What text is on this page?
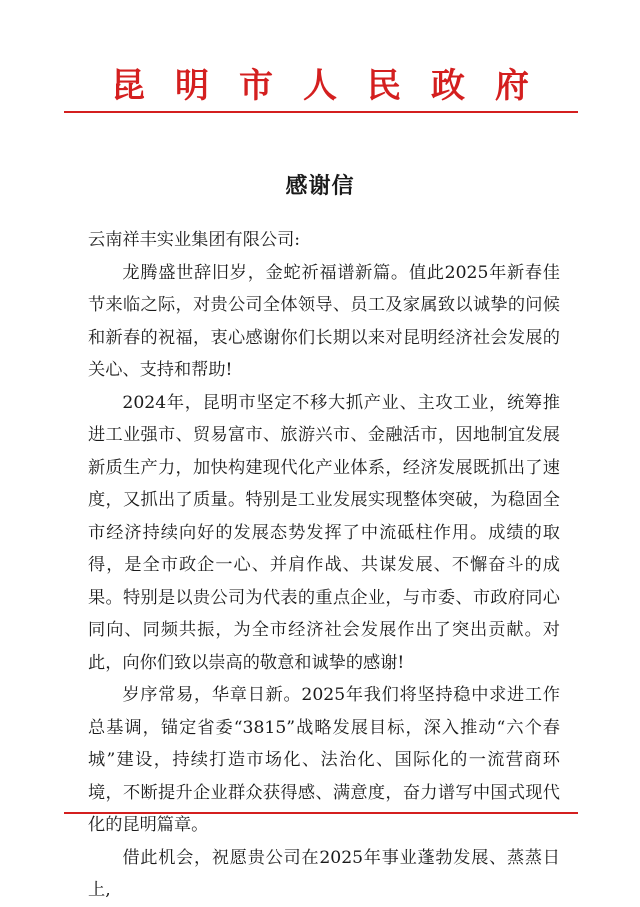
昆明市人民政府
感谢信

云南祥丰实业集团有限公司:

龙腾盛世辞旧岁，金蛇祈福谱新篇。值此2025年新春佳节来临之际，对贵公司全体领导、员工及家属致以诚挚的问候和新春的祝福，衷心感谢你们长期以来对昆明经济社会发展的关心、支持和帮助!

2024年，昆明市坚定不移大抓产业、主攻工业，统筹推进工业强市、贸易富市、旅游兴市、金融活市，因地制宜发展新质生产力，加快构建现代化产业体系，经济发展既抓出了速度，又抓出了质量。特别是工业发展实现整体突破，为稳固全市经济持续向好的发展态势发挥了中流砥柱作用。成绩的取得，是全市政企一心、并肩作战、共谋发展、不懈奋斗的成果。特别是以贵公司为代表的重点企业，与市委、市政府同心同向、同频共振，为全市经济社会发展作出了突出贡献。对此，向你们致以崇高的敬意和诚挚的感谢!

岁序常易，华章日新。2025年我们将坚持稳中求进工作总基调，锚定省委“3815”战略发展目标，深入推动“六个春城”建设，持续打造市场化、法治化、国际化的一流营商环境，不断提升企业群众获得感、满意度，奋力谱写中国式现代化的昆明篇章。

借此机会，祝愿贵公司在2025年事业蓬勃发展、蒸蒸日上,
